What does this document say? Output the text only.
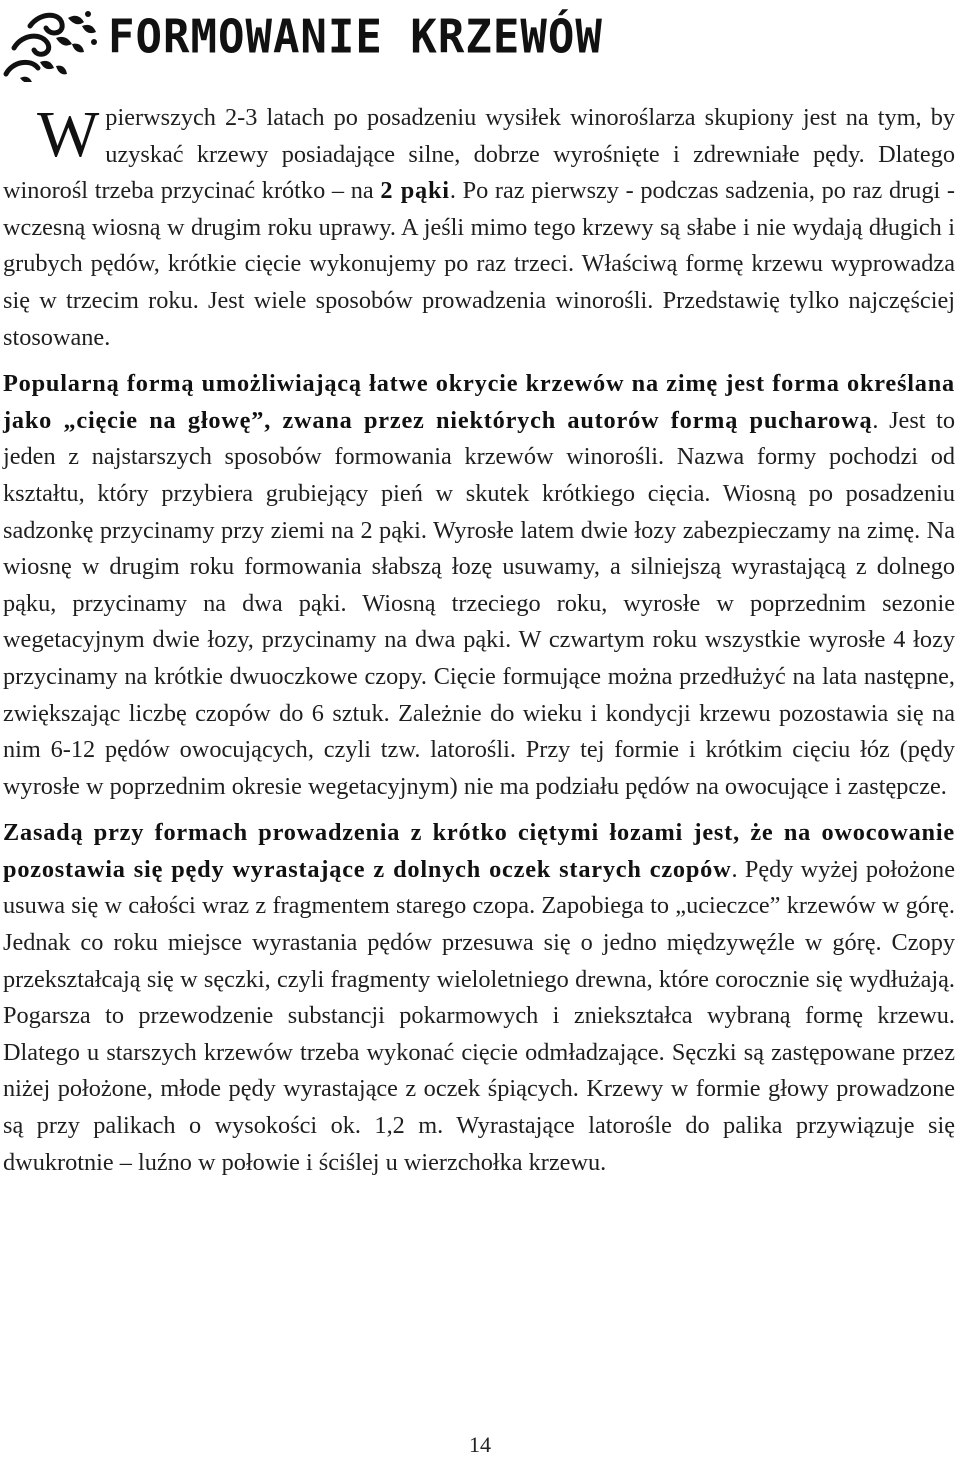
FORMOWANIE KRZEWÓW

Wpierwszych 2-3 latach po posadzeniu wysiłek winoroślarza skupiony jest na tym, by uzyskać krzewy posiadające silne, dobrze wyrośnięte i zdrewniałe pędy. Dlatego winorośl trzeba przycinać krótko – na 2 pąki. Po raz pierwszy - podczas sadzenia, po raz drugi - wczesną wiosną w drugim roku uprawy. A jeśli mimo tego krzewy są słabe i nie wydają długich i grubych pędów, krótkie cięcie wykonujemy po raz trzeci. Właściwą formę krzewu wyprowadza się w trzecim roku. Jest wiele sposobów prowadzenia winorośli. Przedstawię tylko najczęściej stosowane.

Popularną formą umożliwiającą łatwe okrycie krzewów na zimę jest forma określana jako „cięcie na głowę”, zwana przez niektórych autorów formą pucharową. Jest to jeden z najstarszych sposobów formowania krzewów winorośli. Nazwa formy pochodzi od kształtu, który przybiera grubiejący pień w skutek krótkiego cięcia. Wiosną po posadzeniu sadzonkę przycinamy przy ziemi na 2 pąki. Wyrosłe latem dwie łozy zabezpieczamy na zimę. Na wiosnę w drugim roku formowania słabszą łozę usuwamy, a silniejszą wyrastającą z dolnego pąku, przycinamy na dwa pąki. Wiosną trzeciego roku, wyrosłe w poprzednim sezonie wegetacyjnym dwie łozy, przycinamy na dwa pąki. W czwartym roku wszystkie wyrosłe 4 łozy przycinamy na krótkie dwuoczkowe czopy. Cięcie formujące można przedłużyć na lata następne, zwiększając liczbę czopów do 6 sztuk. Zależnie do wieku i kondycji krzewu pozostawia się na nim 6-12 pędów owocujących, czyli tzw. latorośli. Przy tej formie i krótkim cięciu łóz (pędy wyrosłe w poprzednim okresie wegetacyjnym) nie ma podziału pędów na owocujące i zastępcze.

Zasadą przy formach prowadzenia z krótko ciętymi łozami jest, że na owocowanie pozostawia się pędy wyrastające z dolnych oczek starych czopów. Pędy wyżej położone usuwa się w całości wraz z fragmentem starego czopa. Zapobiega to „ucieczce” krzewów w górę. Jednak co roku miejsce wyrastania pędów przesuwa się o jedno międzywęźle w górę. Czopy przekształcają się w sęczki, czyli fragmenty wieloletniego drewna, które corocznie się wydłużają. Pogarsza to przewodzenie substancji pokarmowych i zniekształca wybraną formę krzewu. Dlatego u starszych krzewów trzeba wykonać cięcie odmładzające. Sęczki są zastępowane przez niżej położone, młode pędy wyrastające z oczek śpiących. Krzewy w formie głowy prowadzone są przy palikach o wysokości ok. 1,2 m. Wyrastające latorośle do palika przywiązuje się dwukrotnie – luźno w połowie i ściślej u wierzchołka krzewu.

14
